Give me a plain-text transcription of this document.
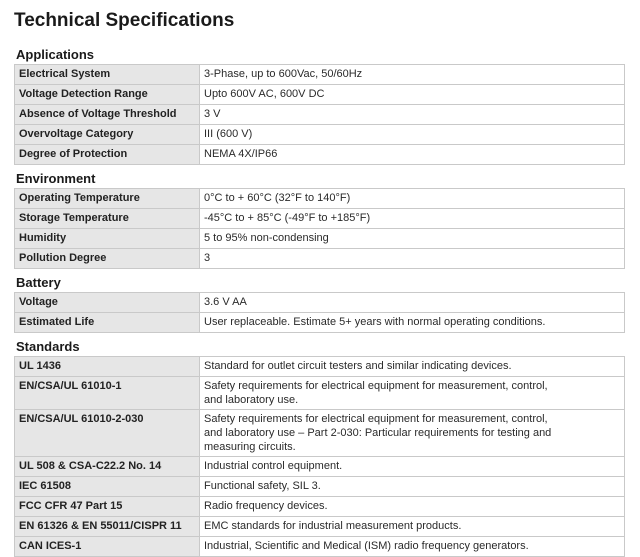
Technical Specifications
Applications
Electrical System	3-Phase, up to 600Vac, 50/60Hz
Voltage Detection Range	Upto 600V AC, 600V DC
Absence of Voltage Threshold	3 V
Overvoltage Category	III (600 V)
Degree of Protection	NEMA 4X/IP66
Environment
Operating Temperature	0°C to + 60°C (32°F to 140°F)
Storage Temperature	-45°C to + 85°C (-49°F to +185°F)
Humidity	5 to 95% non-condensing
Pollution Degree	3
Battery
Voltage	3.6 V AA
Estimated Life	User replaceable. Estimate 5+ years with normal operating conditions.
Standards
UL 1436	Standard for outlet circuit testers and similar indicating devices.
EN/CSA/UL 61010-1	Safety requirements for electrical equipment for measurement, control,
and laboratory use.
EN/CSA/UL 61010-2-030	Safety requirements for electrical equipment for measurement, control,
and laboratory use – Part 2-030: Particular requirements for testing and
measuring circuits.
UL 508 & CSA-C22.2 No. 14	Industrial control equipment.
IEC 61508	Functional safety, SIL 3.
FCC CFR 47 Part 15	Radio frequency devices.
EN 61326 & EN 55011/CISPR 11	EMC standards for industrial measurement products.
CAN ICES-1	Industrial, Scientific and Medical (ISM) radio frequency generators.
